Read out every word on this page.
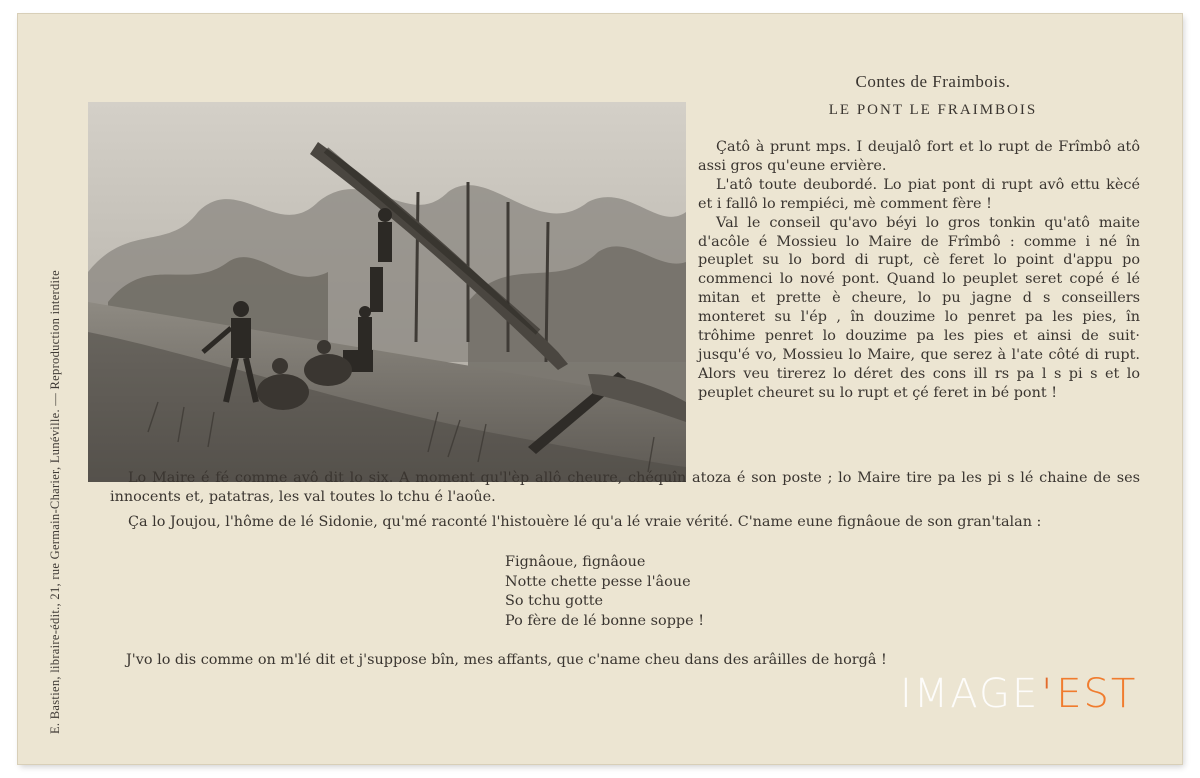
E. Bastien, libraire-édit., 21, rue Germain-Charier, Lunéville. — Reproduction interdite
Contes de Fraimbois.
LE PONT LE FRAIMBOIS

Çatô à prunt mps. I deujalô fort et lo rupt de Frîmbô atô assi gros qu'eune ervière.

L'atô toute deubordé. Lo piat pont di rupt avô ettu kècé et i fallô lo rempiéci, mè comment fère !

Val le conseil qu'avo béyi lo gros tonkin qu'atô maite d'acôle é Mossieu lo Maire de Frîmbô : comme i né în peuplet su lo bord di rupt, cè feret lo point d'appu po commenci lo nové pont. Quand lo peuplet seret copé é lé mitan et prette è cheure, lo pu jagne d s conseillers monteret su l'ép , în douzime lo penret pa les pies, în trôhime penret lo douzime pa les pies et ainsi de suit· jusqu'é vo, Mossieu lo Maire, que serez à l'ate côté di rupt. Alors veu tirerez lo déret des cons ill rs pa l s pi s et lo peuplet cheuret su lo rupt et çé feret in bé pont !

Lo Maire é fé comme avô dit lo six. A moment qu'l'èp allô cheure, chéquîn atoza é son poste ; lo Maire tire pa les pi s lé chaine de ses innocents et, patatras, les val toutes lo tchu é l'aoûe.

Ça lo Joujou, l'hôme de lé Sidonie, qu'mé raconté l'histouère lé qu'a lé vraie vérité. C'name eune fignâoue de son gran'talan :

Fignâoue, fignâoue
Notte chette pesse l'âoue
So tchu gotte
Po fère de lé bonne soppe !
J'vo lo dis comme on m'lé dit et j'suppose bîn, mes affants, que c'name cheu dans des arâilles de horgâ !
IMAGE'EST
